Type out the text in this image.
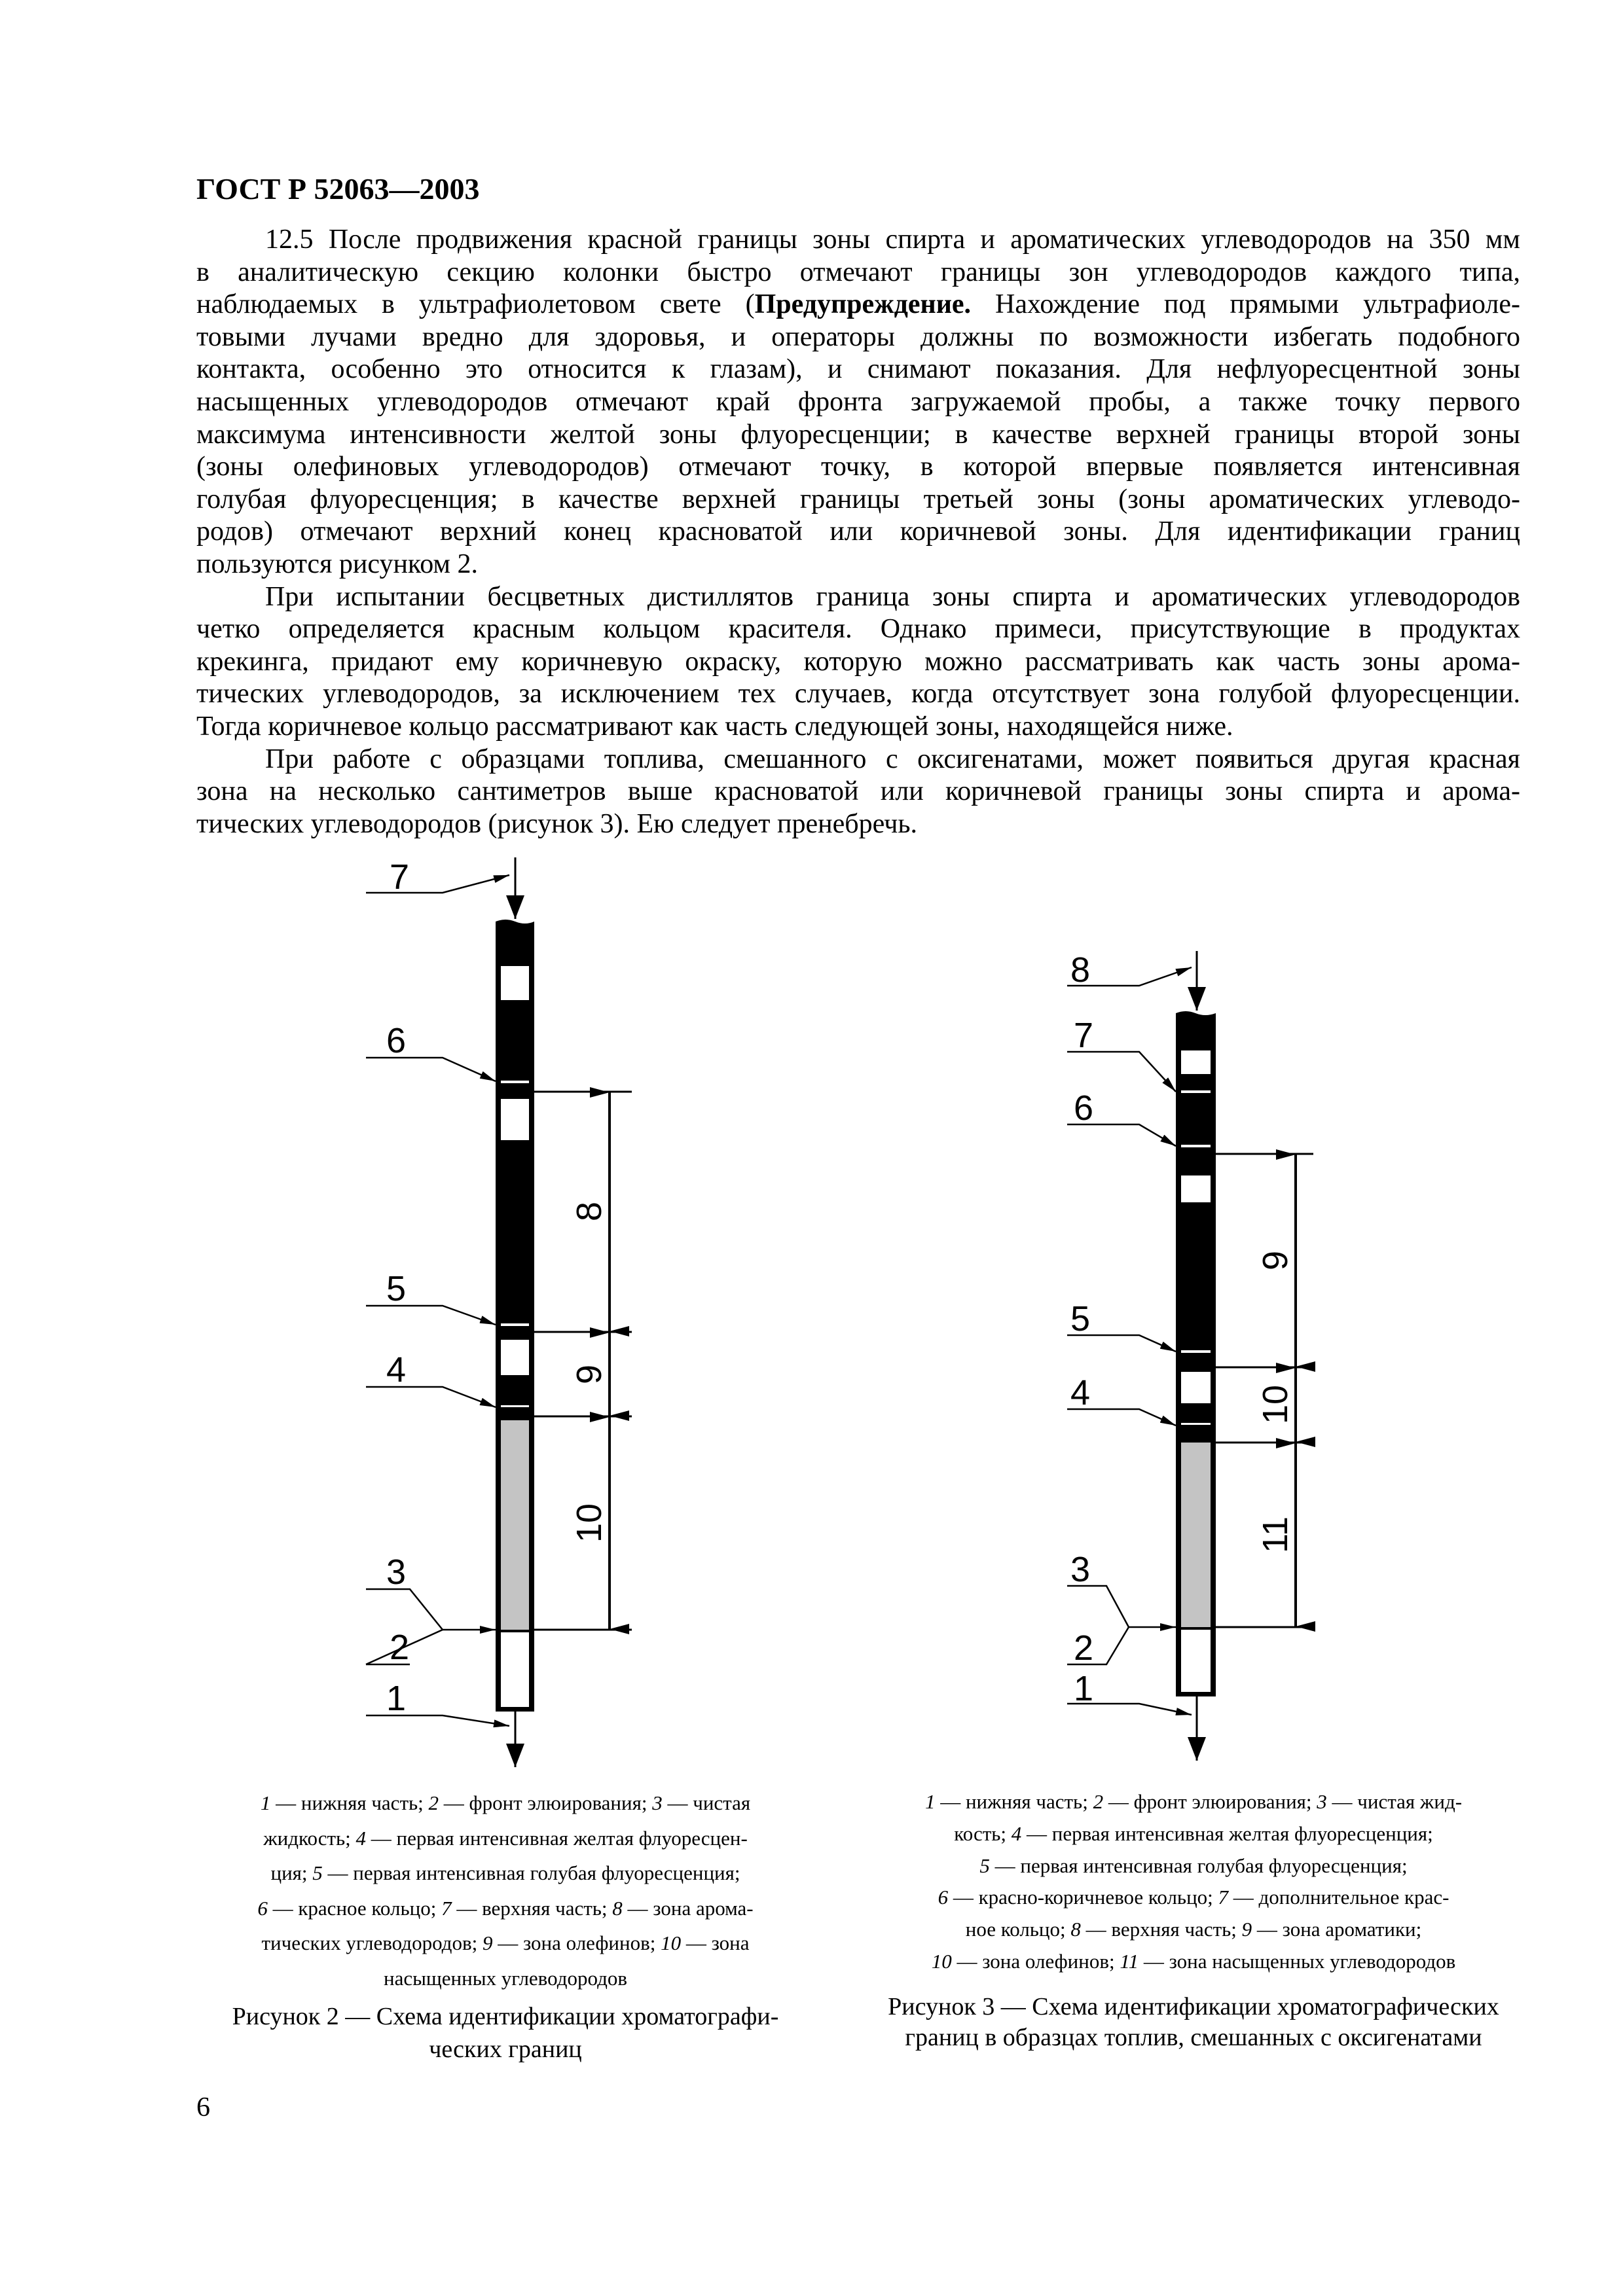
ГОСТ Р 52063—2003
12.5 После продвижения красной границы зоны спирта и ароматических углеводородов на 350 мм
в аналитическую секцию колонки быстро отмечают границы зон углеводородов каждого типа,
наблюдаемых в ультрафиолетовом свете (Предупреждение. Нахождение под прямыми ультрафиоле-
товыми лучами вредно для здоровья, и операторы должны по возможности избегать подобного
контакта, особенно это относится к глазам), и снимают показания. Для нефлуоресцентной зоны
насыщенных углеводородов отмечают край фронта загружаемой пробы, а также точку первого
максимума интенсивности желтой зоны флуоресценции; в качестве верхней границы второй зоны
(зоны олефиновых углеводородов) отмечают точку, в которой впервые появляется интенсивная
голубая флуоресценция; в качестве верхней границы третьей зоны (зоны ароматических углеводо-
родов) отмечают верхний конец красноватой или коричневой зоны. Для идентификации границ
пользуются рисунком 2.
При испытании бесцветных дистиллятов граница зоны спирта и ароматических углеводородов
четко определяется красным кольцом красителя. Однако примеси, присутствующие в продуктах
крекинга, придают ему коричневую окраску, которую можно рассматривать как часть зоны арома-
тических углеводородов, за исключением тех случаев, когда отсутствует зона голубой флуоресценции.
Тогда коричневое кольцо рассматривают как часть следующей зоны, находящейся ниже.
При работе с образцами топлива, смешанного с оксигенатами, может появиться другая красная
зона на несколько сантиметров выше красноватой или коричневой границы зоны спирта и арома-
тических углеводородов (рисунок 3). Ею следует пренебречь.
7
6
5
4
3
2
1
8
9
10
8
7
6
5
4
3
2
1
9
10
11
1 — нижняя часть; 2 — фронт элюирования; 3 — чистая
жидкость; 4 — первая интенсивная желтая флуоресцен-
ция; 5 — первая интенсивная голубая флуоресценция;
6 — красное кольцо; 7 — верхняя часть; 8 — зона арома-
тических углеводородов; 9 — зона олефинов; 10 — зона
насыщенных углеводородов
Рисунок 2 — Схема идентификации хроматографи-
ческих границ
1 — нижняя часть; 2 — фронт элюирования; 3 — чистая жид-
кость; 4 — первая интенсивная желтая флуоресценция;
5 — первая интенсивная голубая флуоресценция;
6 — красно-коричневое кольцо; 7 — дополнительное крас-
ное кольцо; 8 — верхняя часть; 9 — зона ароматики;
10 — зона олефинов; 11 — зона насыщенных углеводородов
Рисунок 3 — Схема идентификации хроматографических
границ в образцах топлив, смешанных с оксигенатами
6
